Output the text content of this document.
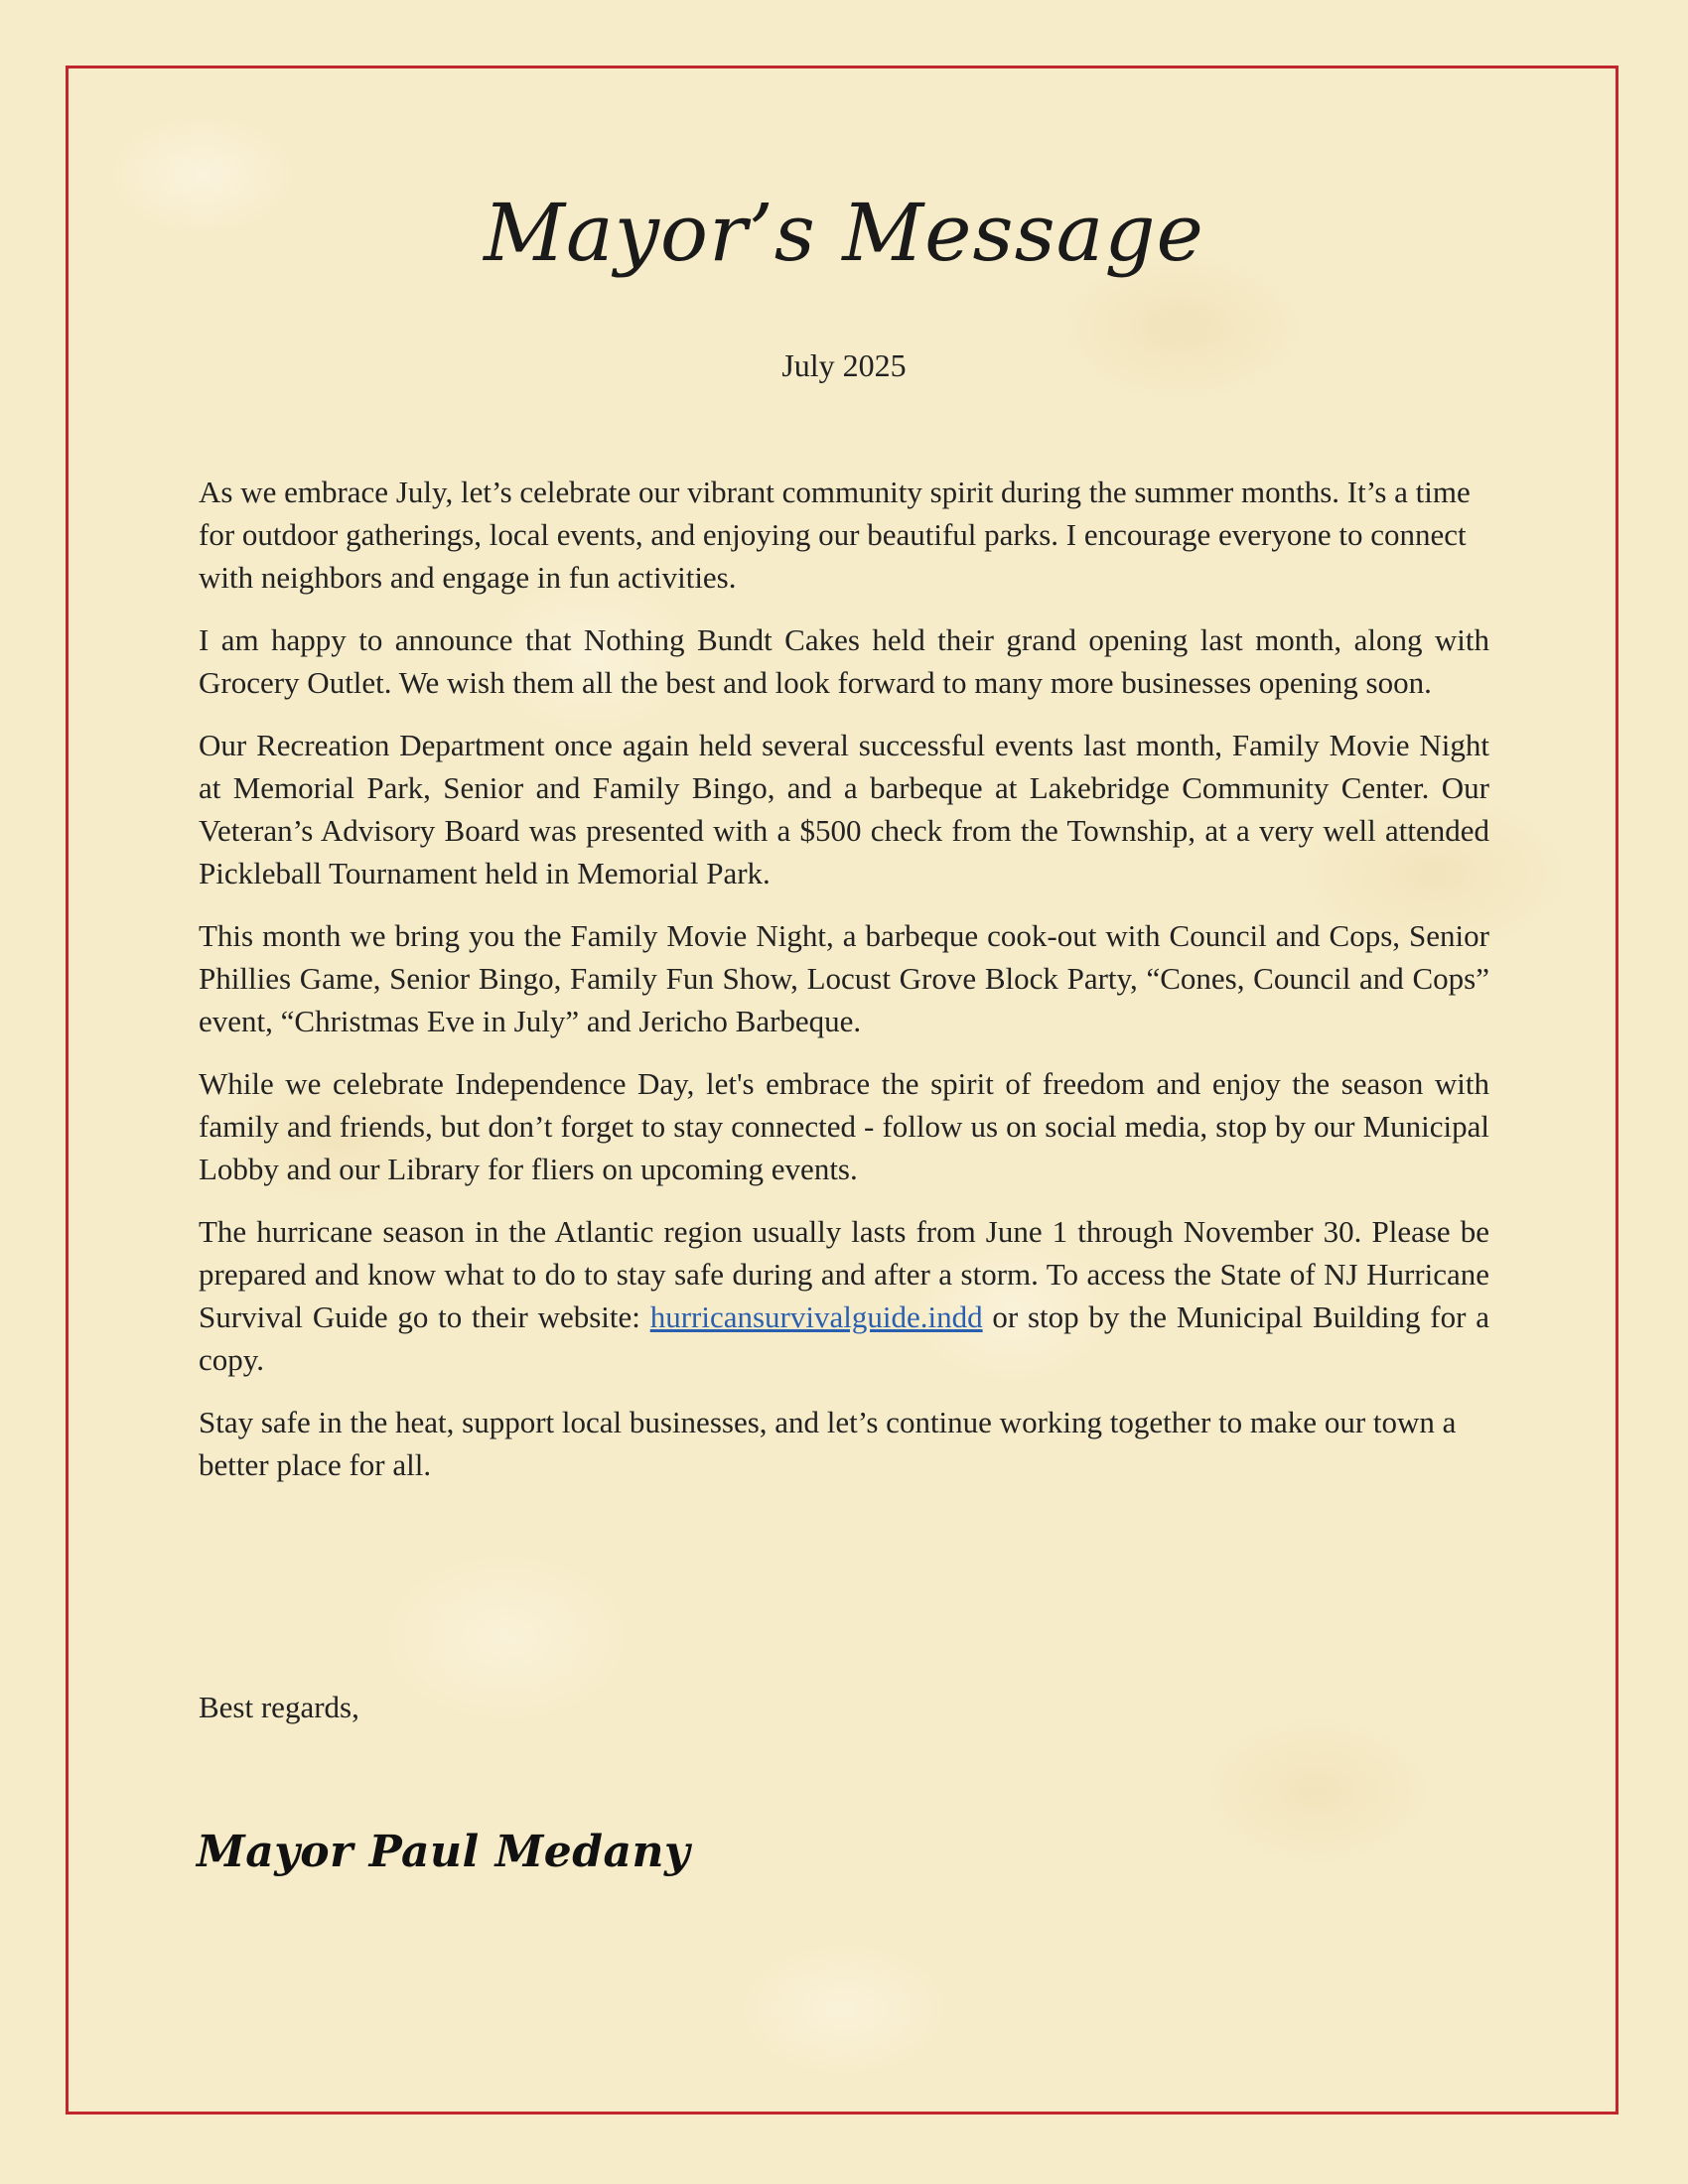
Mayor’s Message
July 2025

As we embrace July, let’s celebrate our vibrant community spirit during the summer months. It’s a time for outdoor gatherings, local events, and enjoying our beautiful parks. I encourage everyone to connect with neighbors and engage in fun activities.

I am happy to announce that Nothing Bundt Cakes held their grand opening last month, along with Grocery Outlet. We wish them all the best and look forward to many more businesses opening soon.

Our Recreation Department once again held several successful events last month, Family Movie Night at Memorial Park, Senior and Family Bingo, and a barbeque at Lakebridge Community Center. Our Veteran’s Advisory Board was presented with a $500 check from the Township, at a very well attended Pickleball Tournament held in Memorial Park.

This month we bring you the Family Movie Night, a barbeque cook-out with Council and Cops, Senior Phillies Game, Senior Bingo, Family Fun Show, Locust Grove Block Party, “Cones, Council and Cops” event, “Christmas Eve in July” and Jericho Barbeque.

While we celebrate Independence Day, let's embrace the spirit of freedom and enjoy the season with family and friends, but don’t forget to stay connected - follow us on social media, stop by our Municipal Lobby and our Library for fliers on upcoming events.

The hurricane season in the Atlantic region usually lasts from June 1 through November 30. Please be prepared and know what to do to stay safe during and after a storm. To access the State of NJ Hurricane Survival Guide go to their website: hurricansurvivalguide.indd or stop by the Municipal Building for a copy.

Stay safe in the heat, support local businesses, and let’s continue working together to make our town a better place for all.

Best regards,
Mayor Paul Medany
